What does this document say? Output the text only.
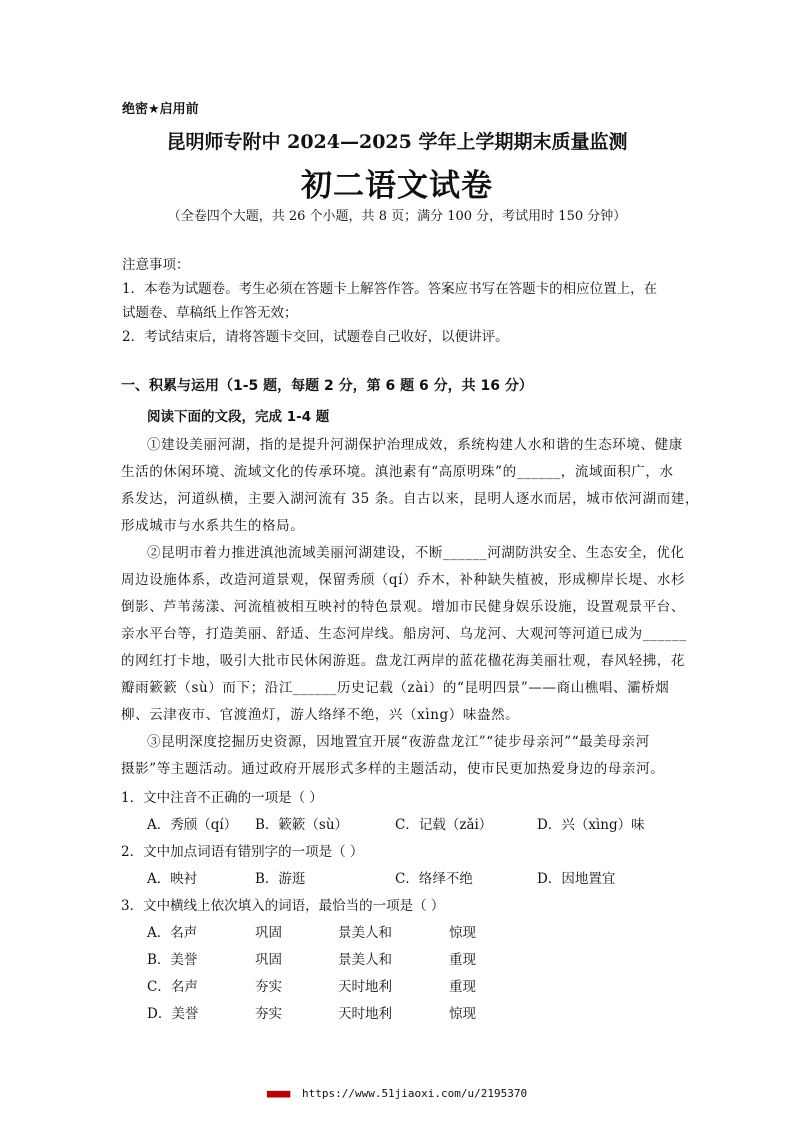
绝密★启用前
昆明师专附中 2024—2025 学年上学期期末质量监测
初二语文试卷
（全卷四个大题，共 26 个小题，共 8 页；满分 100 分，考试用时 150 分钟）
注意事项：
1．本卷为试题卷。考生必须在答题卡上解答作答。答案应书写在答题卡的相应位置上，在
试题卷、草稿纸上作答无效；
2．考试结束后，请将答题卡交回，试题卷自己收好，以便讲评。
一、积累与运用（1-5 题，每题 2 分，第 6 题 6 分，共 16 分）
阅读下面的文段，完成 1-4 题
①建设美丽河湖，指的是提升河湖保护治理成效，系统构建人水和谐的生态环境、健康
生活的休闲环境、流域文化的传承环境。滇池素有“高原明珠”的______，流域面积广，水
系发达，河道纵横，主要入湖河流有 35 条。自古以来，昆明人逐水而居，城市依河湖而建，
形成城市与水系共生的格局。
②昆明市着力推进滇池流域美丽河湖建设，不断______河湖防洪安全、生态安全，优化
周边设施体系，改造河道景观，保留秀颀（qí）乔木，补种缺失植被，形成柳岸长堤、水杉
倒影、芦苇荡漾、河流植被相互映衬的特色景观。增加市民健身娱乐设施，设置观景平台、
亲水平台等，打造美丽、舒适、生态河岸线。船房河、乌龙河、大观河等河道已成为______
的网红打卡地，吸引大批市民休闲游逛。盘龙江两岸的蓝花楹花海美丽壮观，春风轻拂，花
瓣雨簌簌（sù）而下；沿江______历史记载（zài）的“昆明四景”——商山樵唱、灞桥烟
柳、云津夜市、官渡渔灯，游人络绎不绝，兴（xìng）味盎然。
③昆明深度挖掘历史资源，因地置宜开展“夜游盘龙江”“徒步母亲河”“最美母亲河
摄影”等主题活动。通过政府开展形式多样的主题活动，使市民更加热爱身边的母亲河。
1．文中注音不正确的一项是（ ）
A．秀颀（qí） B．簌簌（sù）	C．记载（zǎi）	D．兴（xìng）味
2．文中加点词语有错别字的一项是（ ）
A．映衬	B．游逛	C．络绎不绝	D．因地置宜
3．文中横线上依次填入的词语，最恰当的一项是（ ）
A．名声	巩固	景美人和	惊现
B．美誉	巩固	景美人和	重现
C．名声	夯实	天时地利	重现
D．美誉	夯实	天时地利	惊现
■■■■ https://www.51jiaoxi.com/u/2195370
